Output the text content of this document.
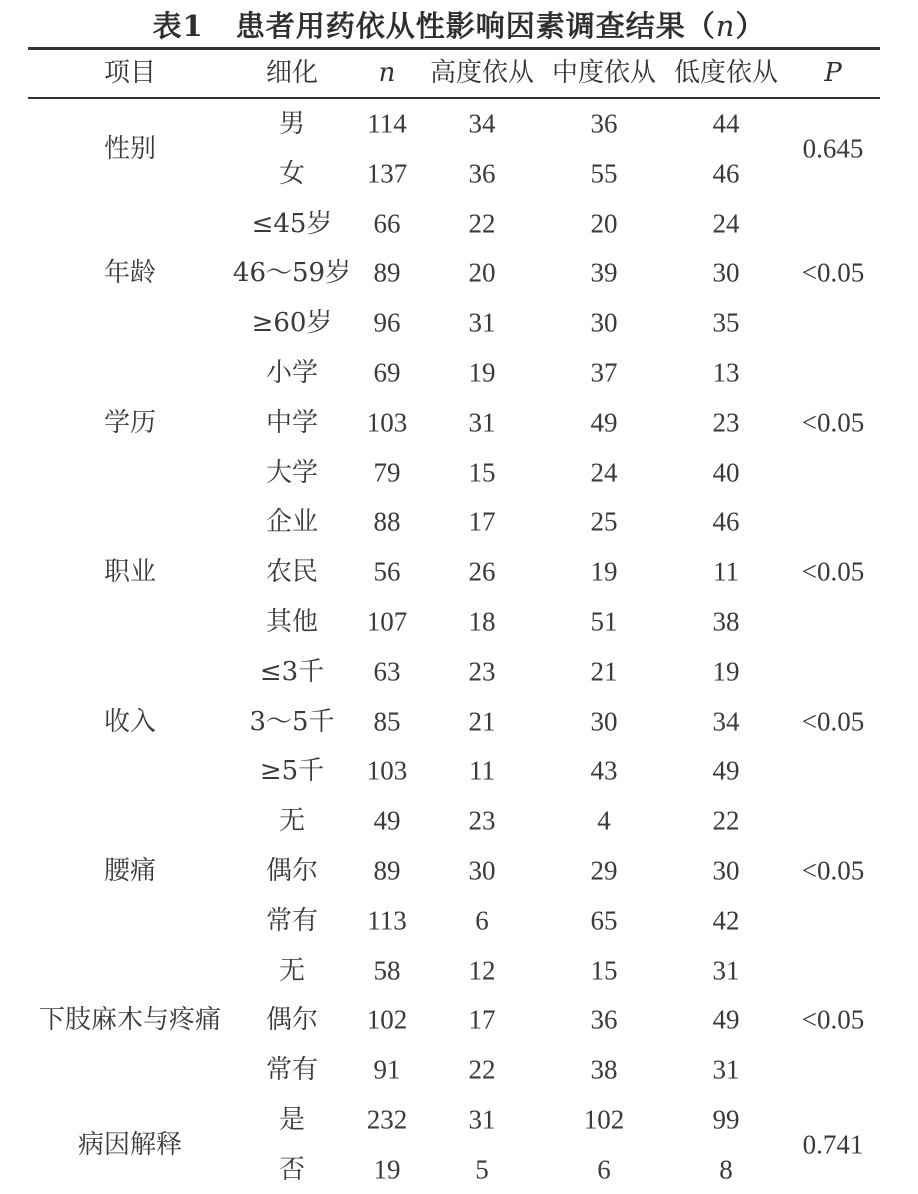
表1 患者用药依从性影响因素调查结果（n）
项目	细化 n 高度依从 中度依从 低度依从 P
男 114 34	36	44
女 137 36	55	46
性别	0.645
≤45岁 66	22	20	24
46～59岁 89	20	39	30
≥60岁 96	31	30	35
年龄	<0.05
小学 69	19	37	13
中学 103 31	49	23
大学 79	15	24	40
学历	<0.05
企业 88	17	25	46
农民 56	26	19	11
其他 107 18	51	38
职业	<0.05
≤3千 63	23	21	19
3～5千 85	21	30	34
≥5千 103 11	43	49
收入	<0.05
无	49	23	4	22
偶尔 89	30	29	30
常有 113	6	65	42
腰痛	<0.05
无	58	12	15	31
偶尔 102 17	36	49
常有 91	22	38	31
下肢麻木与疼痛	<0.05
是 232 31	102	99
否	19	5	6	8
病因解释	0.741
